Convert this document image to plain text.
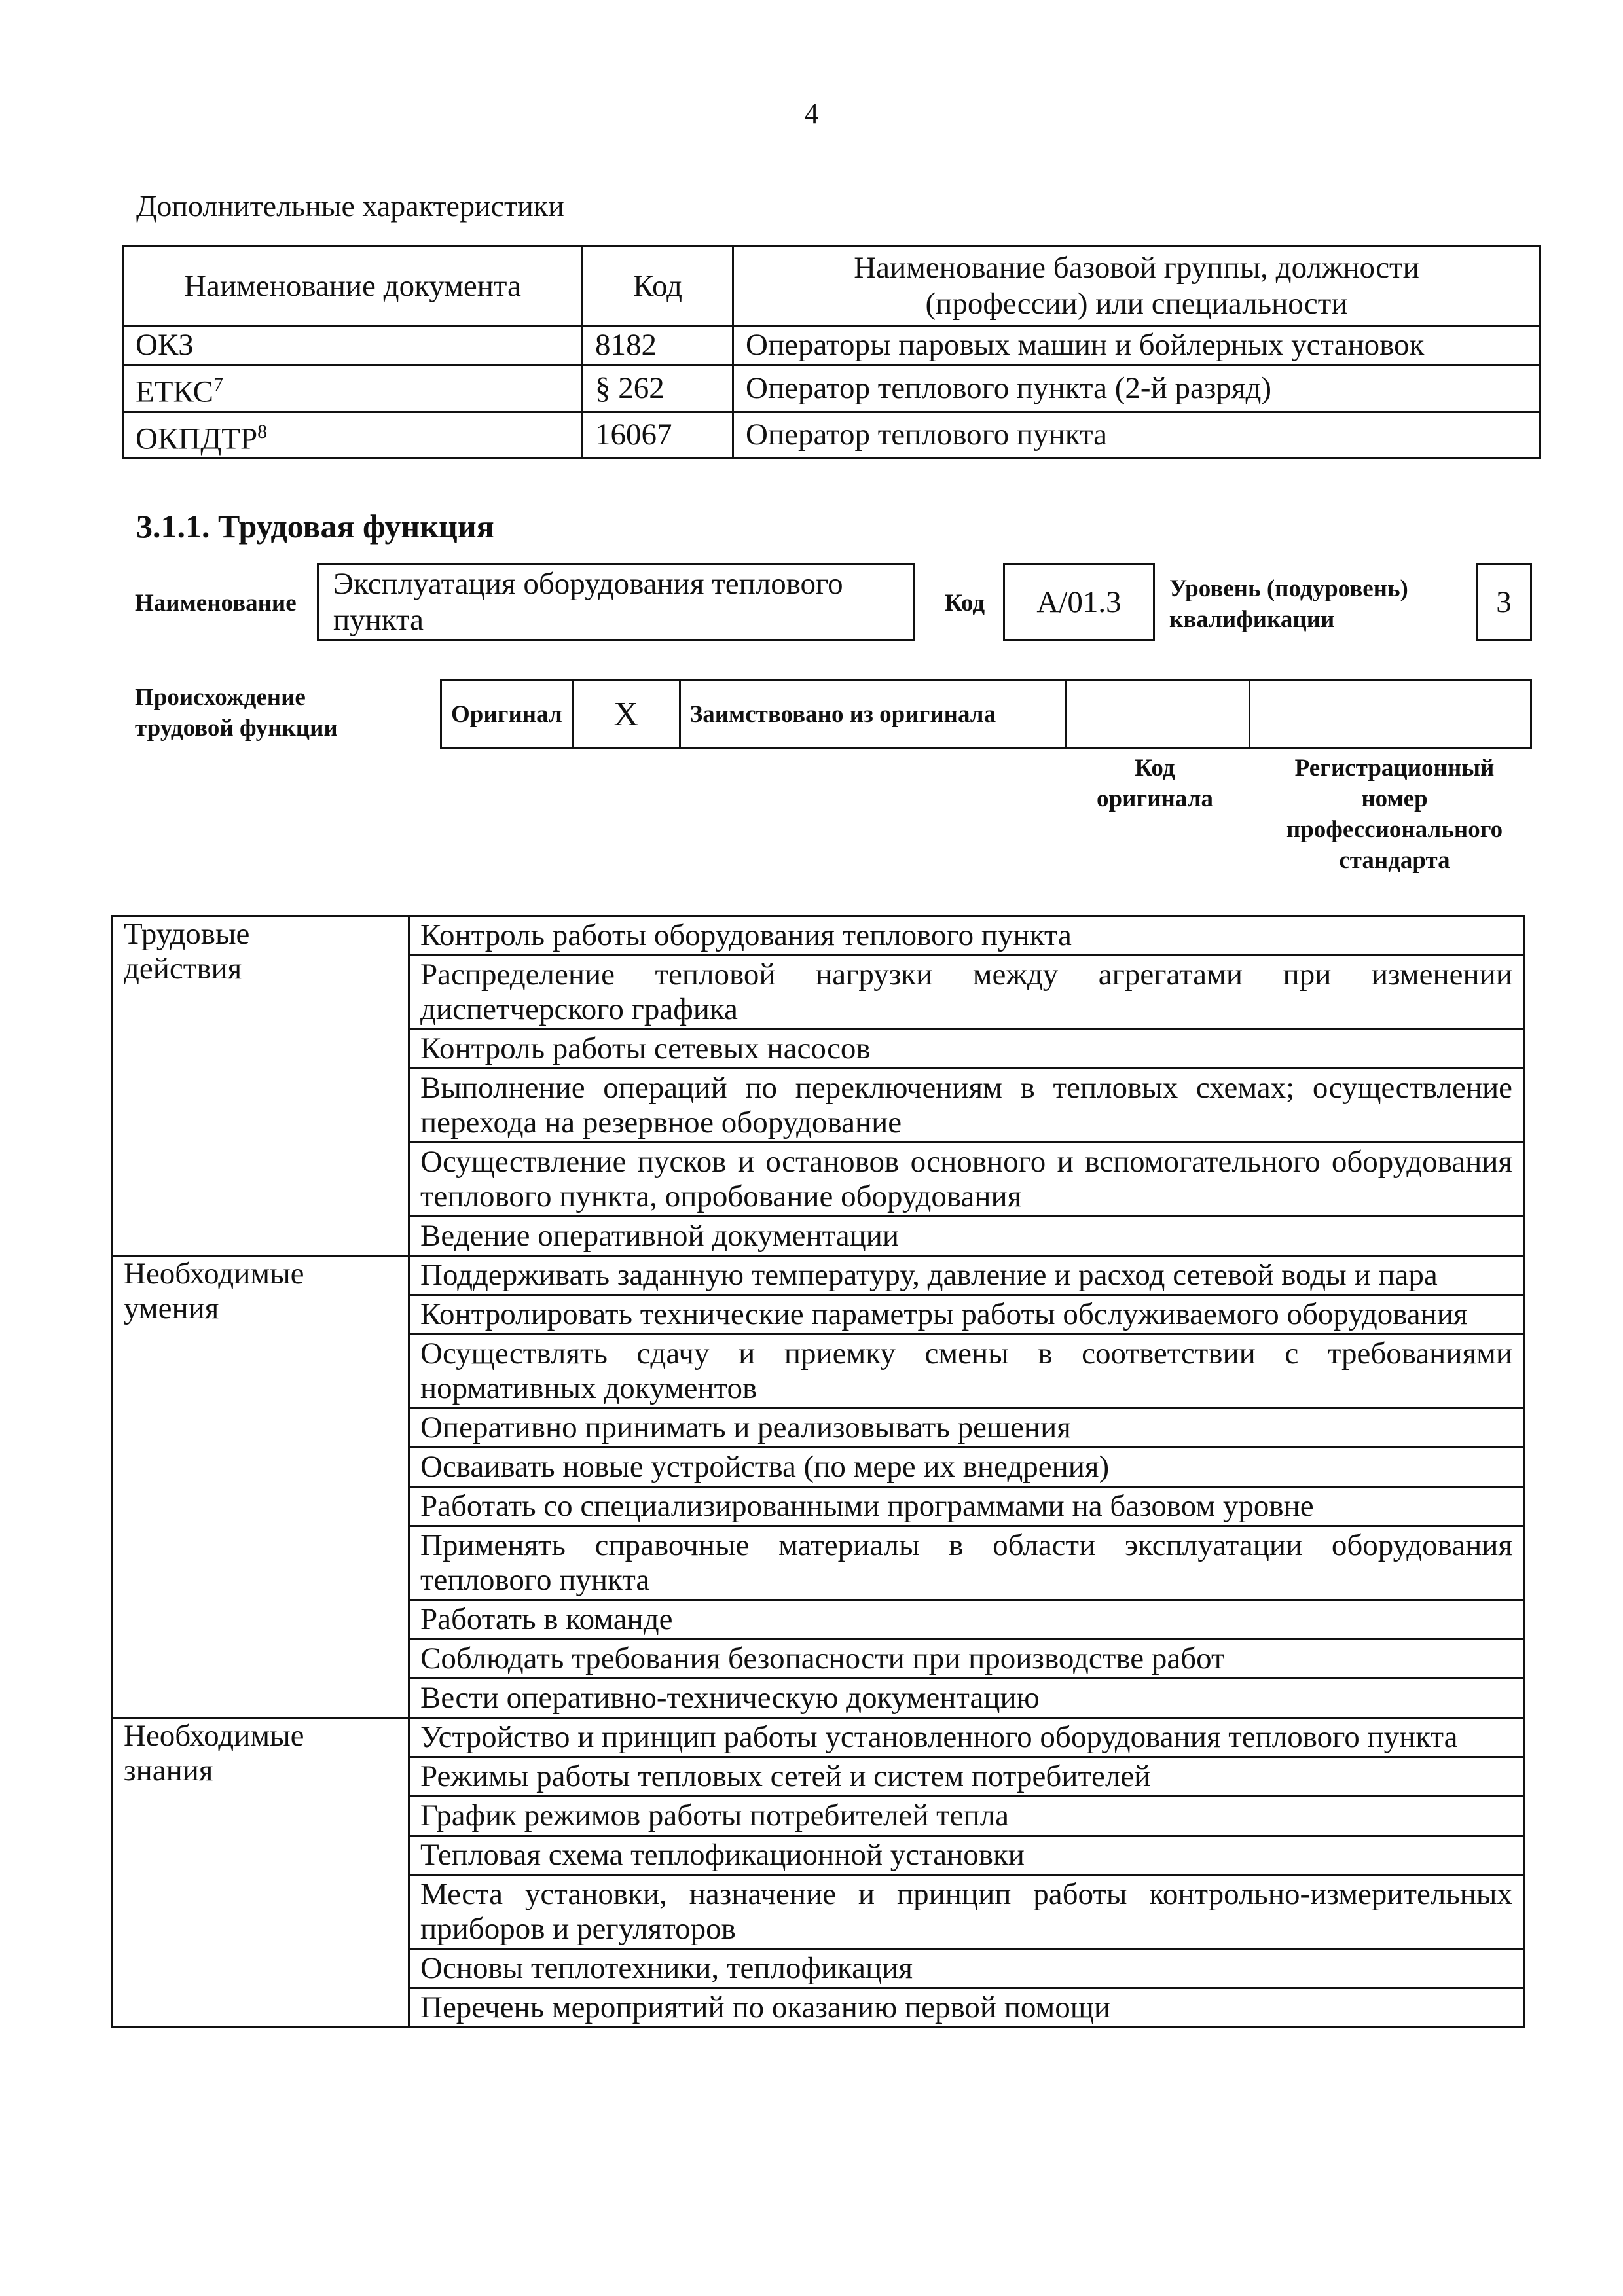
4
Дополнительные характеристики
Наименование документа	Код	Наименование базовой группы, должности
(профессии) или специальности
ОКЗ	8182	Операторы паровых машин и бойлерных установок
ЕТКС$^7$	§ 262	Оператор теплового пункта (2-й разряд)
ОКПДТР$^8$	16067	Оператор теплового пункта
3.1.1. Трудовая функция
Наименование
Эксплуатация оборудования теплового
пункта	Код	А/01.3	Уровень (подуровень)
квалификации
3
Происхождение
трудовой функции
Оригинал	X	Заимствовано из оригинала		
Код
оригинала
Регистрационный
номер
профессионального
стандарта
Трудовые
действия	Контроль работы оборудования теплового пункта
	Распределение тепловой нагрузки между агрегатами при изменении диспетчерского графика
	Контроль работы сетевых насосов
	Выполнение операций по переключениям в тепловых схемах; осуществление перехода на резервное оборудование
	Осуществление пусков и остановов основного и вспомогательного оборудования теплового пункта, опробование оборудования
	Ведение оперативной документации
Необходимые
умения	Поддерживать заданную температуру, давление и расход сетевой воды и пара
	Контролировать технические параметры работы обслуживаемого оборудования
	Осуществлять сдачу и приемку смены в соответствии с требованиями нормативных документов
	Оперативно принимать и реализовывать решения
	Осваивать новые устройства (по мере их внедрения)
	Работать со специализированными программами на базовом уровне
	Применять справочные материалы в области эксплуатации оборудования теплового пункта
	Работать в команде
	Соблюдать требования безопасности при производстве работ
	Вести оперативно-техническую документацию
Необходимые
знания	Устройство и принцип работы установленного оборудования теплового пункта
	Режимы работы тепловых сетей и систем потребителей
	График режимов работы потребителей тепла
	Тепловая схема теплофикационной установки
	Места установки, назначение и принцип работы контрольно-измерительных приборов и регуляторов
	Основы теплотехники, теплофикация
	Перечень мероприятий по оказанию первой помощи
